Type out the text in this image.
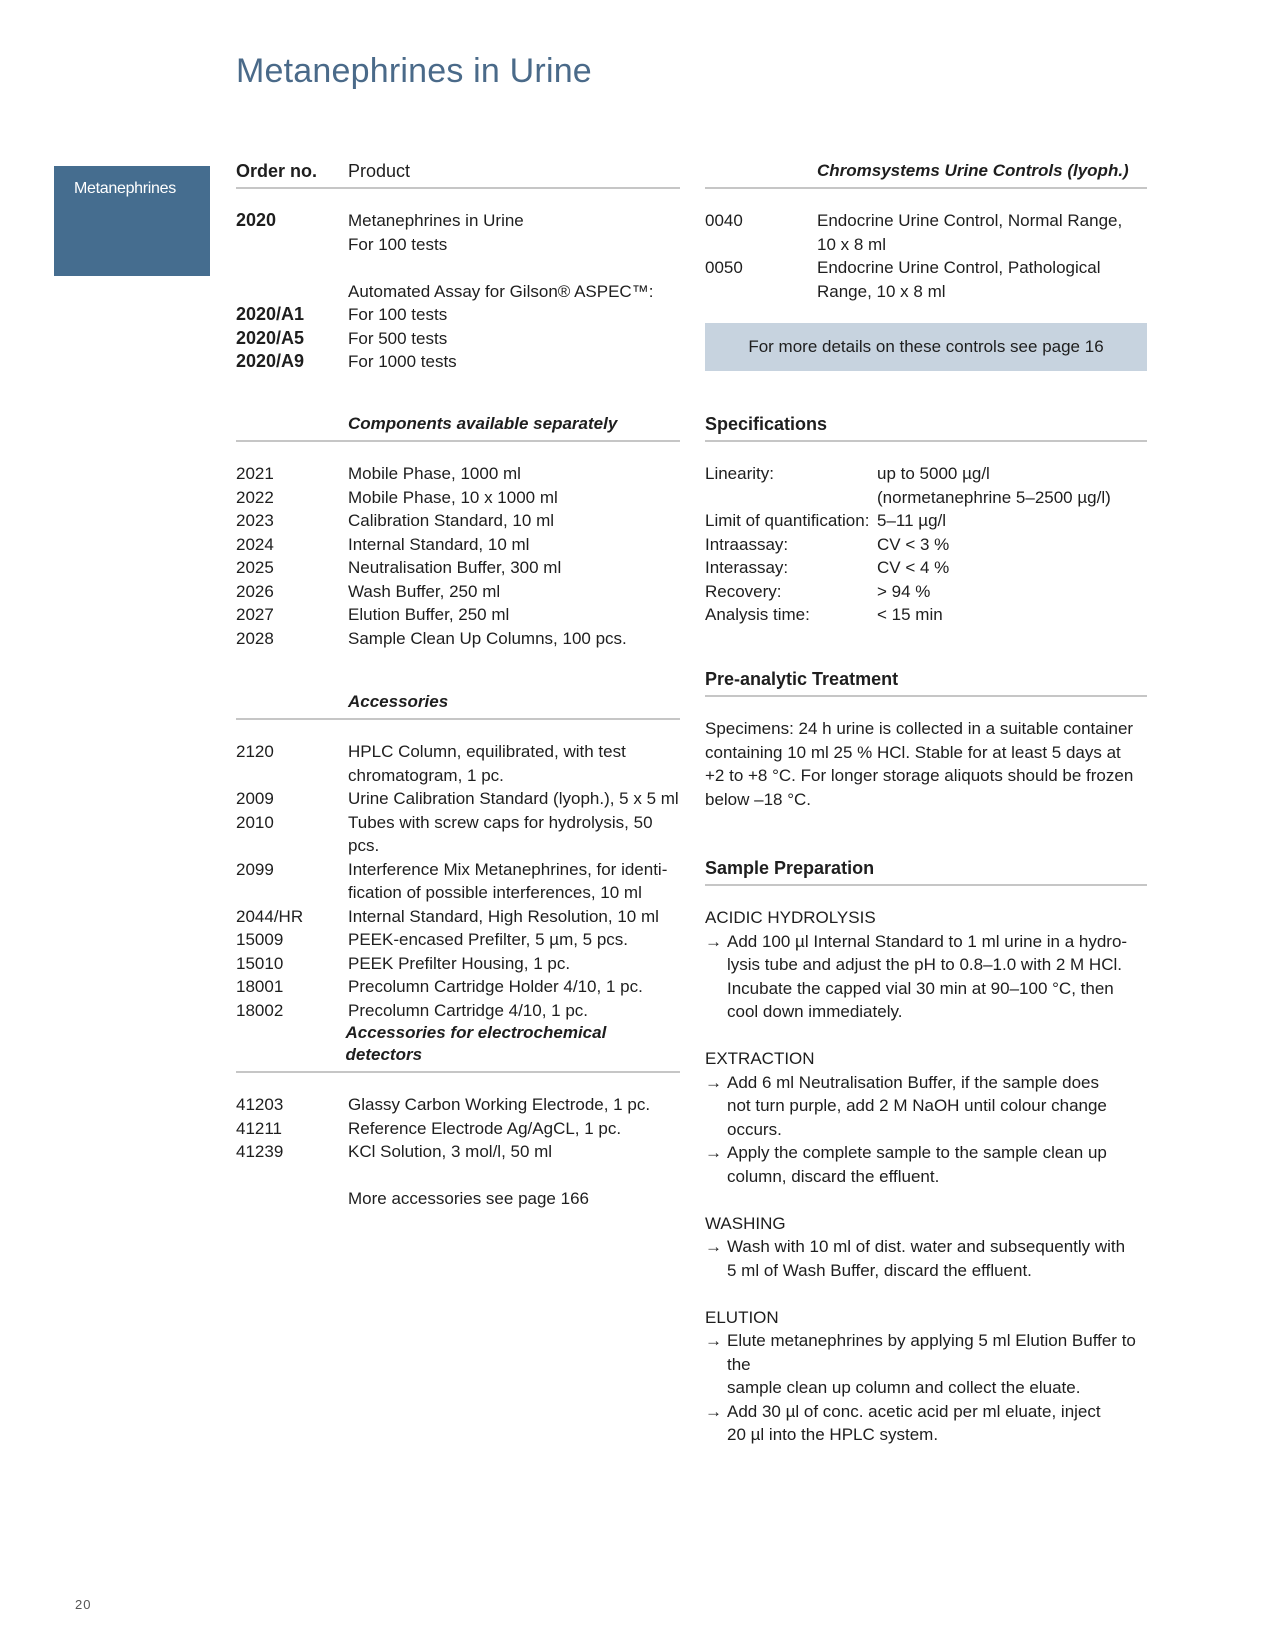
Metanephrines in Urine
Metanephrines
20
Order no.	Product
2020	Metanephrines in Urine
For 100 tests
Automated Assay for Gilson® ASPEC™:
2020/A1	For 100 tests
2020/A5	For 500 tests
2020/A9	For 1000 tests
Chromsystems Urine Controls (lyoph.)
0040	Endocrine Urine Control, Normal Range,
10 x 8 ml
0050	Endocrine Urine Control, Pathological
Range, 10 x 8 ml
For more details on these controls see page 16
Components available separately
2021	Mobile Phase, 1000 ml
2022	Mobile Phase, 10 x 1000 ml
2023	Calibration Standard, 10 ml
2024	Internal Standard, 10 ml
2025	Neutralisation Buffer, 300 ml
2026	Wash Buffer, 250 ml
2027	Elution Buffer, 250 ml
2028	Sample Clean Up Columns, 100 pcs.
Specifications
Linearity:	up to 5000 µg/l
(normetanephrine 5–2500 µg/l)
Limit of quantification: 5–11 µg/l
Intraassay:	CV < 3 %
Interassay:	CV < 4 %
Recovery:	> 94 %
Analysis time:	< 15 min
Pre-analytic Treatment
Specimens: 24 h urine is collected in a suitable container
containing 10 ml 25 % HCl. Stable for at least 5 days at
+2 to +8 °C. For longer storage aliquots should be frozen
below –18 °C.
Accessories
2120	HPLC Column, equilibrated, with test
chromatogram, 1 pc.
2009	Urine Calibration Standard (lyoph.), 5 x 5 ml
2010	Tubes with screw caps for hydrolysis, 50 pcs.
2099	Interference Mix Metanephrines, for identi-
fication of possible interferences, 10 ml
2044/HR	Internal Standard, High Resolution, 10 ml
15009	PEEK-encased Prefilter, 5 µm, 5 pcs.
15010	PEEK Prefilter Housing, 1 pc.
18001	Precolumn Cartridge Holder 4/10, 1 pc.
18002	Precolumn Cartridge 4/10, 1 pc.
Sample Preparation
ACIDIC HYDROLYSIS
→ Add 100 µl Internal Standard to 1 ml urine in a hydro-
lysis tube and adjust the pH to 0.8–1.0 with 2 M HCl.
Incubate the capped vial 30 min at 90–100 °C, then
cool down immediately.
EXTRACTION
→ Add 6 ml Neutralisation Buffer, if the sample does
not turn purple, add 2 M NaOH until colour change
occurs.
→ Apply the complete sample to the sample clean up
column, discard the effluent.
WASHING
→ Wash with 10 ml of dist. water and subsequently with
5 ml of Wash Buffer, discard the effluent.
ELUTION
→ Elute metanephrines by applying 5 ml Elution Buffer to the
sample clean up column and collect the eluate.
→ Add 30 µl of conc. acetic acid per ml eluate, inject
20 µl into the HPLC system.
Accessories for electrochemical detectors
41203	Glassy Carbon Working Electrode, 1 pc.
41211	Reference Electrode Ag/AgCL, 1 pc.
41239	KCl Solution, 3 mol/l, 50 ml
More accessories see page 166
